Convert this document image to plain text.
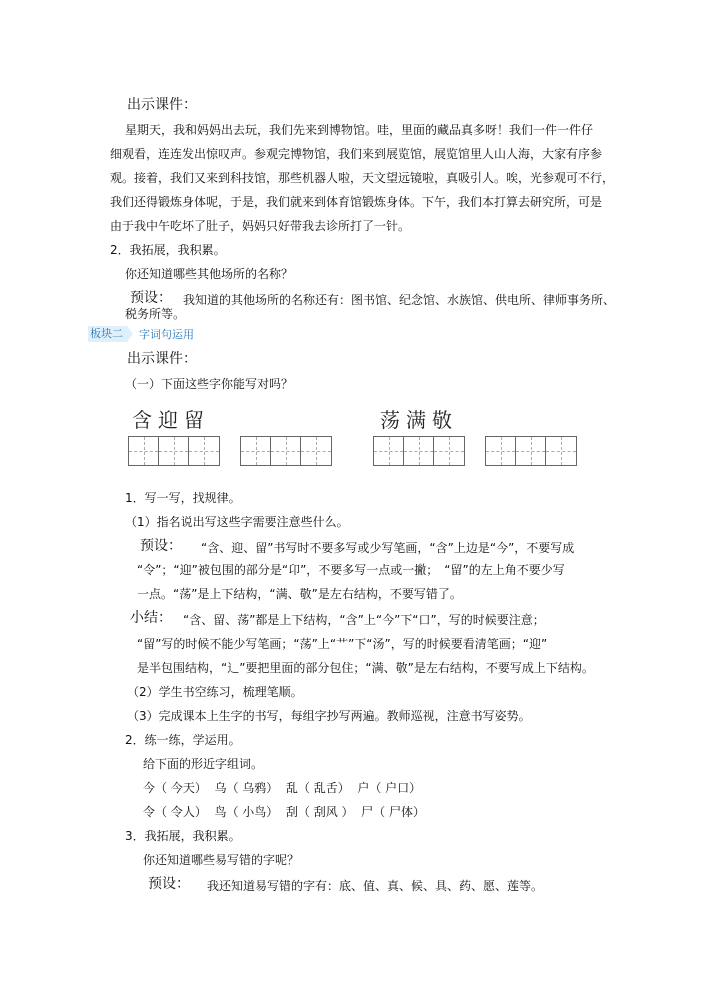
出示课件：
星期天，我和妈妈出去玩，我们先来到博物馆。哇，里面的藏品真多呀！我们一件一件仔
细观看，连连发出惊叹声。参观完博物馆，我们来到展览馆，展览馆里人山人海，大家有序参
观。接着，我们又来到科技馆，那些机器人啦，天文望远镜啦，真吸引人。唉，光参观可不行，
我们还得锻炼身体呢，于是，我们就来到体育馆锻炼身体。下午，我们本打算去研究所，可是
由于我中午吃坏了肚子，妈妈只好带我去诊所打了一针。
2．我拓展，我积累。
你还知道哪些其他场所的名称？
预设： 我知道的其他场所的名称还有：图书馆、纪念馆、水族馆、供电所、律师事务所、
税务所等。
板块二	字词句运用
出示课件：
（一）下面这些字你能写对吗？
含迎留	荡满敬
1．写一写，找规律。
（1）指名说出写这些字需要注意些什么。
预设： “含、迎、留”书写时不要多写或少写笔画，“含”上边是“今”，不要写成
“令”；“迎”被包围的部分是“卬”，不要多写一点或一撇；　“留”的左上角不要少写
一点。“荡”是上下结构，“满、敬”是左右结构，不要写错了。
小结： “含、留、荡”都是上下结构，“含”上“今”下“口”，写的时候要注意；
“留”写的时候不能少写笔画；“荡”上“艹”下“汤”，写的时候要看清笔画；“迎”
是半包围结构，“辶”要把里面的部分包住；“满、敬”是左右结构，不要写成上下结构。
（2）学生书空练习，梳理笔顺。
（3）完成课本上生字的书写，每组字抄写两遍。教师巡视，注意书写姿势。
2．练一练，学运用。
给下面的形近字组词。
今（ 今天）  乌（ 乌鸦）  乱（ 乱舌）  户（ 户口）
令（ 令人）  鸟（ 小鸟）  刮（ 刮风 ）  尸（ 尸体）
3．我拓展，我积累。
你还知道哪些易写错的字呢？
预设： 我还知道易写错的字有：底、值、真、候、具、药、愿、莲等。
